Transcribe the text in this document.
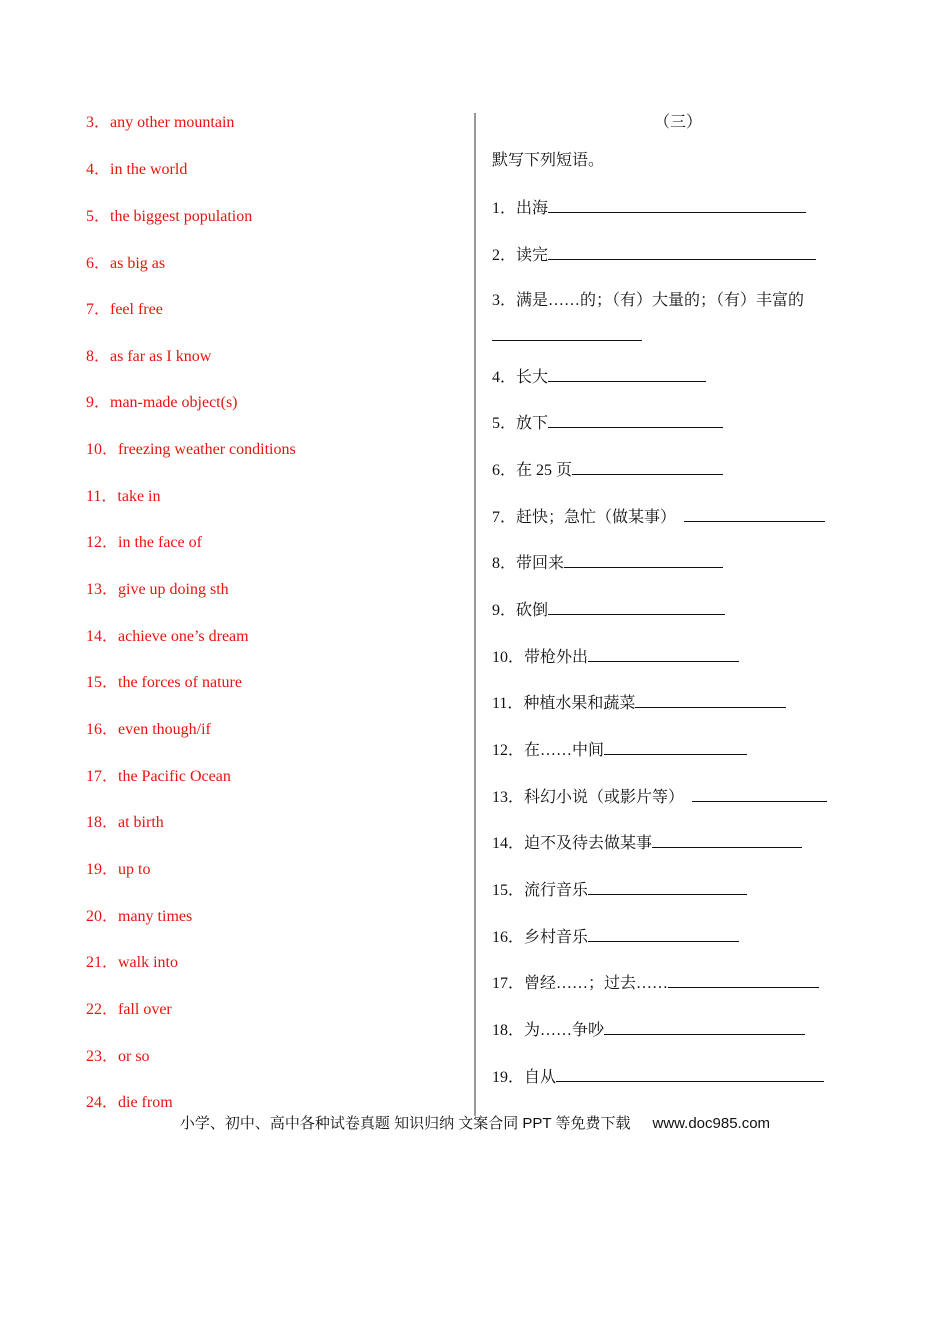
3．any other mountain
4．in the world
5．the biggest population
6．as big as
7．feel free
8．as far as I know
9．man-made object(s)
10．freezing weather conditions
11．take in
12．in the face of
13．give up doing sth
14．achieve one’s dream
15．the forces of nature
16．even though/if
17．the Pacific Ocean
18．at birth
19．up to
20．many times
21．walk into
22．fall over
23．or so
24．die from
（三）
默写下列短语。
1．出海
2．读完
3．满是……的；（有）大量的；（有）丰富的
4．长大
5．放下
6．在 25 页
7．赶快；急忙（做某事）
8．带回来
9．砍倒
10．带枪外出
11．种植水果和蔬菜
12．在……中间
13．科幻小说（或影片等）
14．迫不及待去做某事
15．流行音乐
16．乡村音乐
17．曾经……；过去……
18．为……争吵
19．自从
小学、初中、高中各种试卷真题 知识归纳 文案合同 PPT 等免费下载 www.doc985.com
